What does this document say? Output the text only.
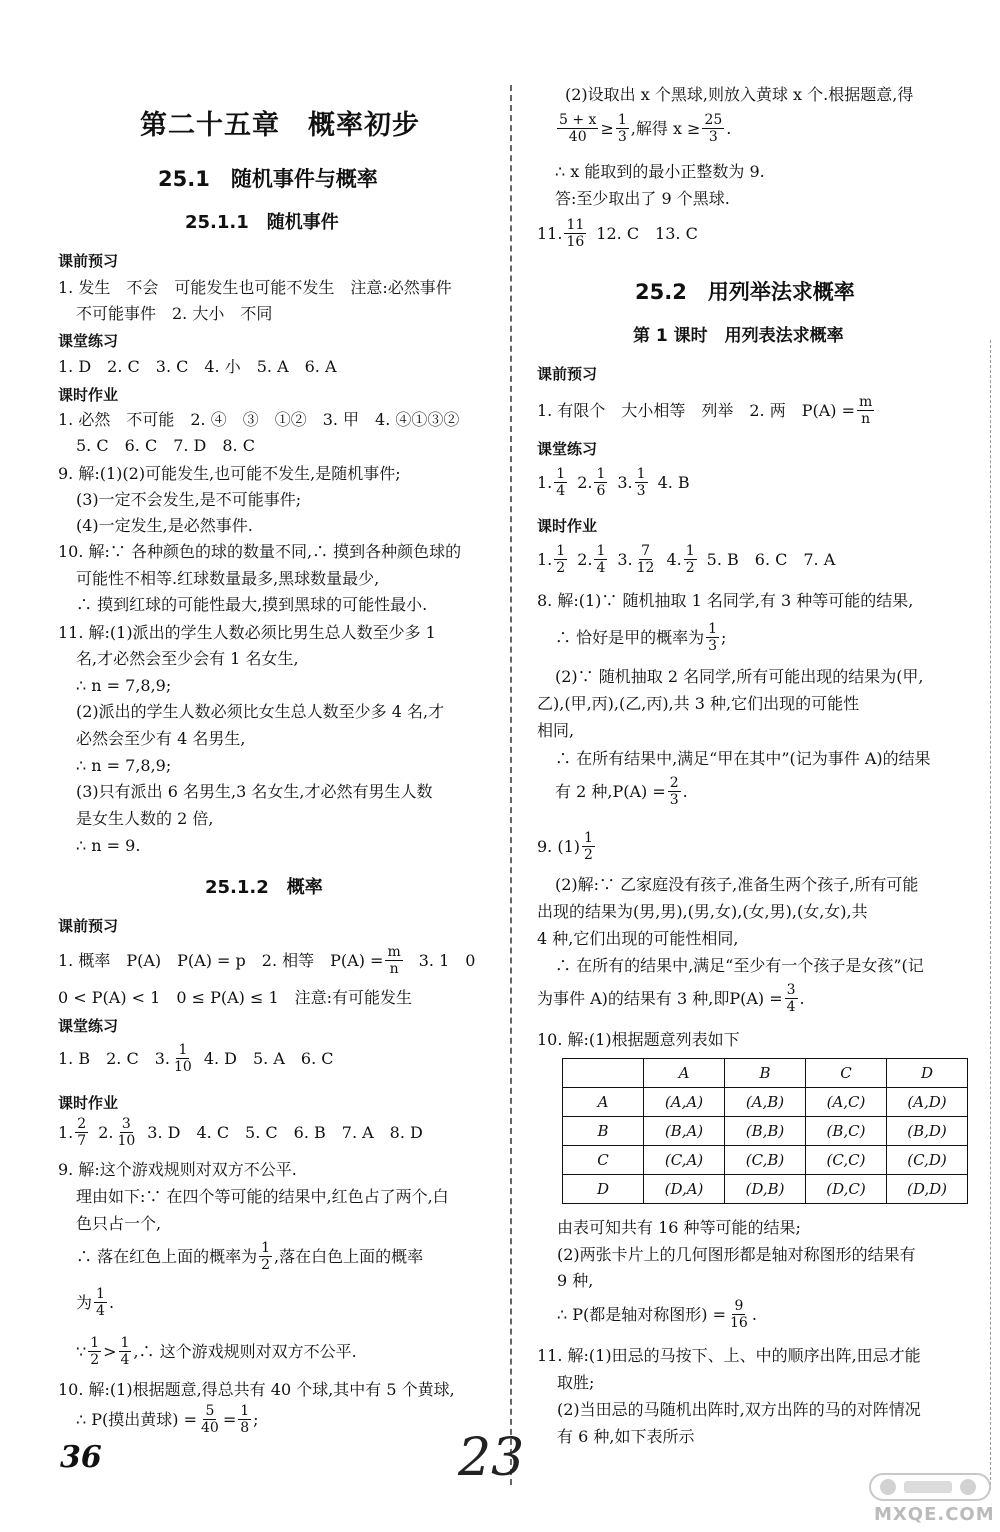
第二十五章　概率初步
25.1　随机事件与概率
25.1.1　随机事件
课前预习
1. 发生　不会　可能发生也可能不发生　注意:必然事件
不可能事件　2. 大小　不同
课堂练习
1. D　2. C　3. C　4. 小　5. A　6. A
课时作业
1. 必然　不可能　2. ④　③　①②　3. 甲　4. ④①③②
5. C　6. C　7. D　8. C
9. 解:(1)(2)可能发生,也可能不发生,是随机事件;
(3)一定不会发生,是不可能事件;
(4)一定发生,是必然事件.
10. 解:∵ 各种颜色的球的数量不同,∴ 摸到各种颜色球的
可能性不相等.红球数量最多,黑球数量最少,
∴ 摸到红球的可能性最大,摸到黑球的可能性最小.
11. 解:(1)派出的学生人数必须比男生总人数至少多 1
名,才必然会至少会有 1 名女生,
∴ n = 7,8,9;
(2)派出的学生人数必须比女生总人数至少多 4 名,才
必然会至少有 4 名男生,
∴ n = 7,8,9;
(3)只有派出 6 名男生,3 名女生,才必然有男生人数
是女生人数的 2 倍,
∴ n = 9.
25.1.2　概率
课前预习
1. 概率　P(A)　P(A) = p　2. 相等　$P(A) = \frac{m}{n} 3$. 1　0
0 < P(A) < 1　0 ≤ P(A) ≤ 1　注意:有可能发生
课堂练习
1. B　2. C　3. $\frac{1}{10} 4$. D　5. A　6. C
课时作业
1. $\frac{2}{7} 2$. $\frac{3}{10} 3$. D　4. C　5. C　6. B　7. A　8. D
9. 解:这个游戏规则对双方不公平.
理由如下:∵ 在四个等可能的结果中,红色占了两个,白
色只占一个,
∴ 落在红色上面的概率为 $\frac{1}{2}$ ,落在白色上面的概率
为 $\frac{1}{4}$ .
∵ $\frac{1}{2} > \frac{1}{4}$ ,∴ 这个游戏规则对双方不公平.
10. 解:(1)根据题意,得总共有 40 个球,其中有 5 个黄球,
∴ P(摸出黄球) = $\frac{5}{40} = \frac{1}{8}$ ;
36	23
(2)设取出 x 个黑球,则放入黄球 x 个.根据题意,得
$\frac{5 + x}{40} \ge \frac{1}{3}$ ,解得 $x \ge \frac{25}{3}$ .
∴ x 能取到的最小正整数为 9.
答:至少取出了 9 个黑球.
11. $\frac{11}{16} 12$. C　13. C
25.2　用列举法求概率
第 1 课时　用列表法求概率
课前预习
1. 有限个　大小相等　列举　2. 两　$P(A) = \frac{m}{n}$
课堂练习
1. $\frac{1}{4} 2$. $\frac{1}{6} 3$. $\frac{1}{3} 4$. B
课时作业
1. $\frac{1}{2} 2$. $\frac{1}{4} 3$. $\frac{7}{12} 4$. $\frac{1}{2} 5$. B　6. C　7. A
8. 解:(1)∵ 随机抽取 1 名同学,有 3 种等可能的结果,
∴ 恰好是甲的概率为 $\frac{1}{3}$ ;
(2)∵ 随机抽取 2 名同学,所有可能出现的结果为(甲,
乙),(甲,丙),(乙,丙),共 3 种,它们出现的可能性
相同,
∴ 在所有结果中,满足“甲在其中”(记为事件 A)的结果
有 2 种$,P(A) = \frac{2}{3}$ .
9. $(1) \frac{1}{2}$
(2)解:∵ 乙家庭没有孩子,准备生两个孩子,所有可能
出现的结果为(男,男),(男,女),(女,男),(女,女),共
4 种,它们出现的可能性相同,
∴ 在所有的结果中,满足“至少有一个孩子是女孩”(记
为事件 A)的结果有 3 种,即$P(A) = \frac{3}{4}$ .
10. 解:(1)根据题意列表如下
	A	B	C	D
A	(A,A)	(A,B)	(A,C)	(A,D)
B	(B,A)	(B,B)	(B,C)	(B,D)
C	(C,A)	(C,B)	(C,C)	(C,D)
D	(D,A)	(D,B)	(D,C)	(D,D)
由表可知共有 16 种等可能的结果;
(2)两张卡片上的几何图形都是轴对称图形的结果有
9 种,
∴ P(都是轴对称图形) = $\frac{9}{16}$ .
11. 解:(1)田忌的马按下、上、中的顺序出阵,田忌才能
取胜;
(2)当田忌的马随机出阵时,双方出阵的马的对阵情况
有 6 种,如下表所示
MXQE.COM
